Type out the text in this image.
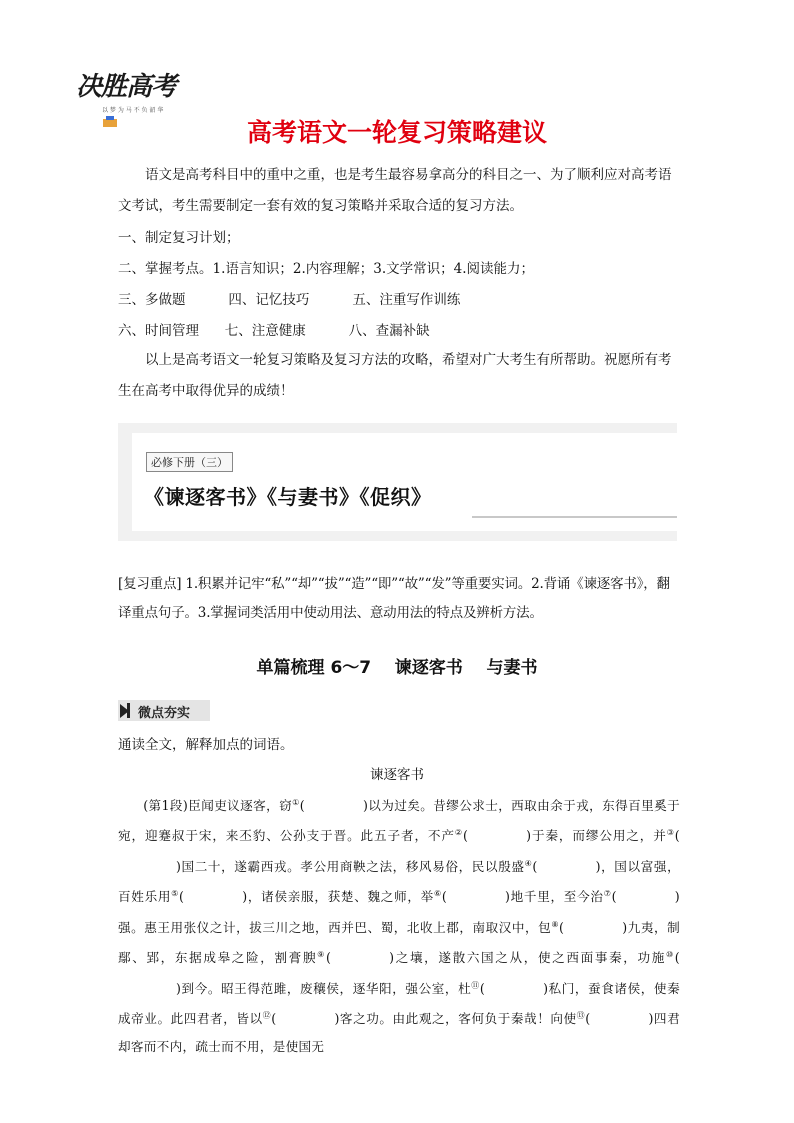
决胜高考
以 梦 为 马 不 负 韶 华
高考语文一轮复习策略建议
语文是高考科目中的重中之重，也是考生最容易拿高分的科目之一、为了顺利应对高考语文考试，考生需要制定一套有效的复习策略并采取合适的复习方法。
一、制定复习计划；
二、掌握考点。1.语言知识；2.内容理解；3.文学常识；4.阅读能力；
三、多做题          四、记忆技巧          五、注重写作训练
六、时间管理      七、注意健康          八、查漏补缺
以上是高考语文一轮复习策略及复习方法的攻略，希望对广大考生有所帮助。祝愿所有考生在高考中取得优异的成绩！
必修下册（三）
《谏逐客书》《与妻书》《促织》
[复习重点] 1.积累并记牢“私”“却”“拔”“造”“即”“故”“发”等重要实词。2.背诵《谏逐客书》，翻译重点句子。3.掌握词类活用中使动用法、意动用法的特点及辨析方法。
单篇梳理 6～7    谏逐客书    与妻书
微点夯实
通读全文，解释加点的词语。
谏逐客书
(第1段)臣闻吏议逐客，窃①(	)以为过矣。昔缪公求士，西取由余于戎，东得百里奚于宛，迎蹇叔于宋，来丕豹、公孙支于晋。此五子者，不产②(	)于秦，而缪公用之，并③()国二十，遂霸西戎。孝公用商鞅之法，移风易俗，民以殷盛④(	)，国以富强，百姓乐用⑤(	)，诸侯亲服，获楚、魏之师，举⑥(	)地千里，至今治⑦(	)强。惠王用张仪之计，拔三川之地，西并巴、蜀，北收上郡，南取汉中，包⑧(	)九夷，制鄢、郢，东据成皋之险，割膏腴⑨(	)之壤，遂散六国之从，使之西面事秦，功施⑩()到今。昭王得范雎，废穰侯，逐华阳，强公室，杜⑪(	)私门，蚕食诸侯，使秦成帝业。此四君者，皆以⑫(	)客之功。由此观之，客何负于秦哉！向使⑬(	)四君却客而不内，疏士而不用，是使国无
